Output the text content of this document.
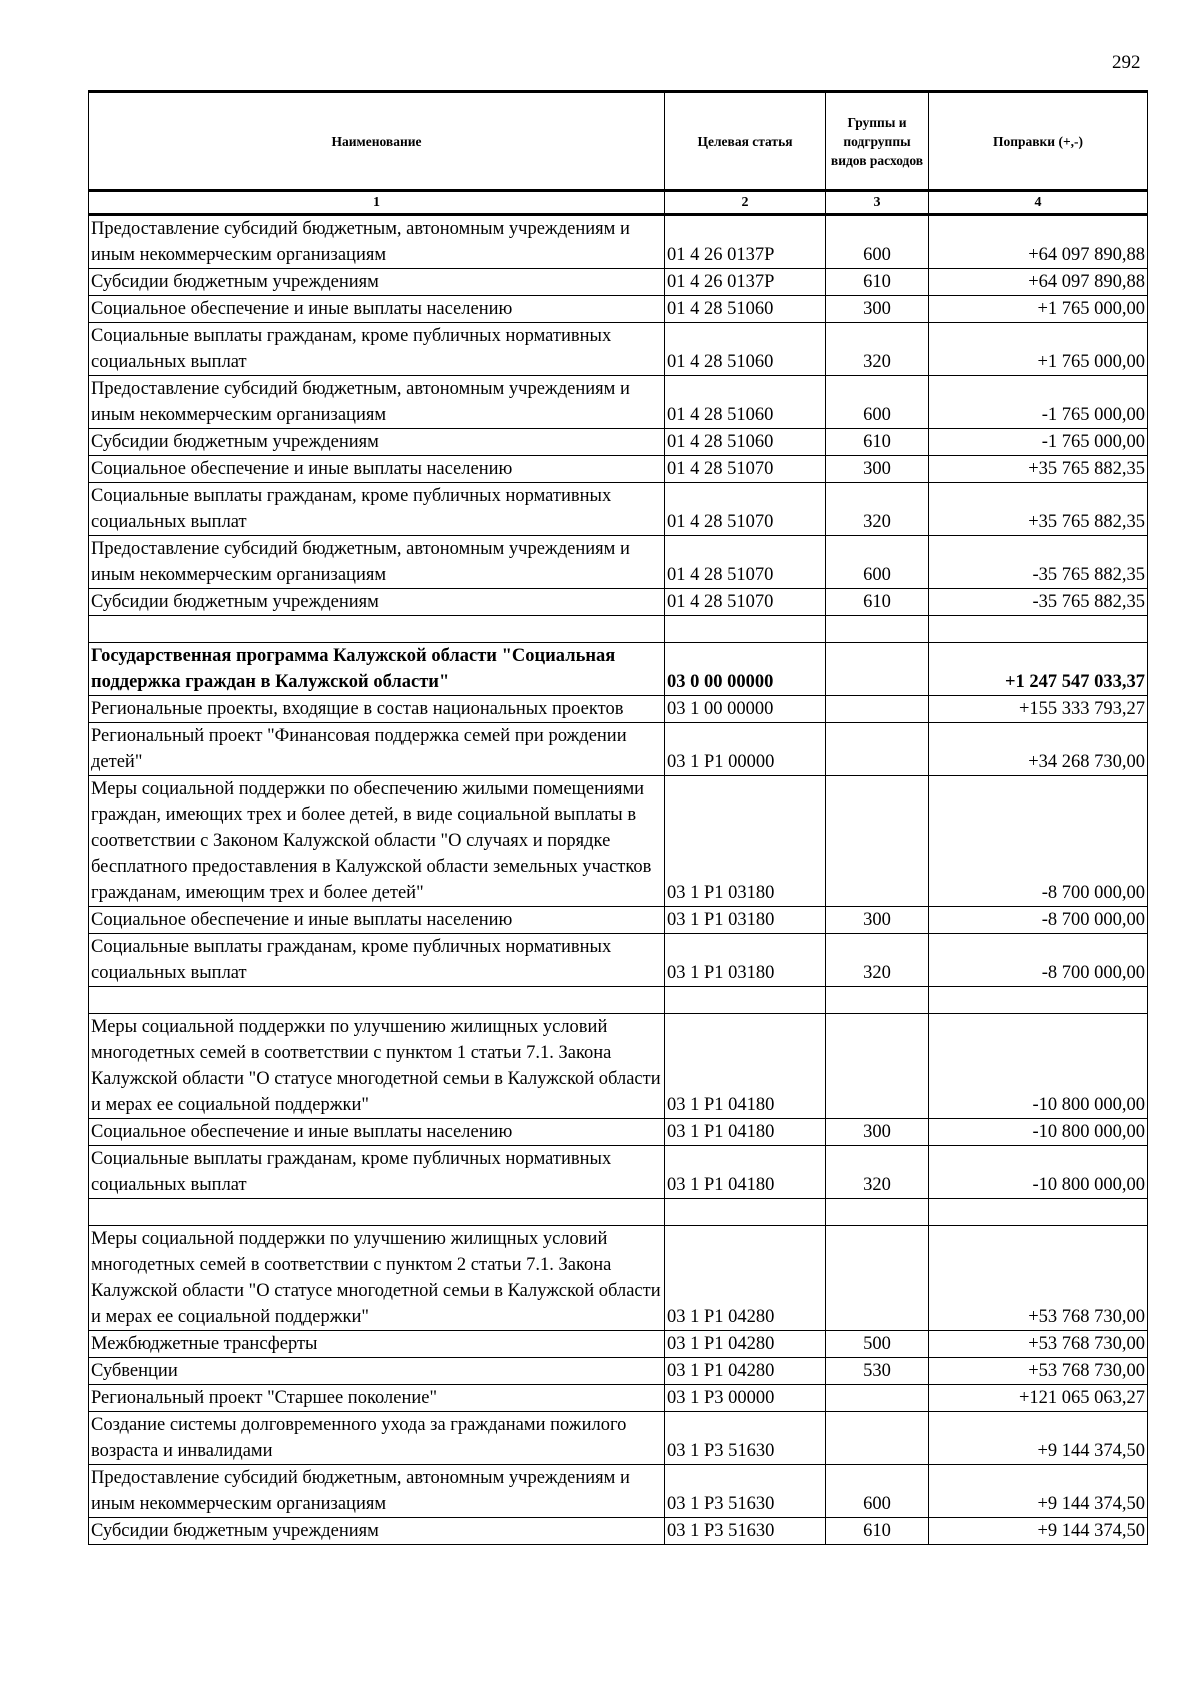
292
Наименование	Целевая статья	Группы и подгруппы видов расходов	Поправки (+,-)
1	2	3	4
Предоставление субсидий бюджетным, автономным учреждениям и иным некоммерческим организациям	01 4 26 0137Р	600	+64 097 890,88
Субсидии бюджетным учреждениям	01 4 26 0137Р	610	+64 097 890,88
Социальное обеспечение и иные выплаты населению	01 4 28 51060	300	+1 765 000,00
Социальные выплаты гражданам, кроме публичных нормативных социальных выплат	01 4 28 51060	320	+1 765 000,00
Предоставление субсидий бюджетным, автономным учреждениям и иным некоммерческим организациям	01 4 28 51060	600	-1 765 000,00
Субсидии бюджетным учреждениям	01 4 28 51060	610	-1 765 000,00
Социальное обеспечение и иные выплаты населению	01 4 28 51070	300	+35 765 882,35
Социальные выплаты гражданам, кроме публичных нормативных социальных выплат	01 4 28 51070	320	+35 765 882,35
Предоставление субсидий бюджетным, автономным учреждениям и иным некоммерческим организациям	01 4 28 51070	600	-35 765 882,35
Субсидии бюджетным учреждениям	01 4 28 51070	610	-35 765 882,35

Государственная программа Калужской области "Социальная поддержка граждан в Калужской области"	03 0 00 00000		+1 247 547 033,37
Региональные проекты, входящие в состав национальных проектов	03 1 00 00000		+155 333 793,27
Региональный проект "Финансовая поддержка семей при рождении детей"	03 1 Р1 00000		+34 268 730,00
Меры социальной поддержки по обеспечению жилыми помещениями граждан, имеющих трех и более детей, в виде социальной выплаты в соответствии с Законом Калужской области "О случаях и порядке бесплатного предоставления в Калужской области земельных участков гражданам, имеющим трех и более детей"	03 1 Р1 03180		-8 700 000,00
Социальное обеспечение и иные выплаты населению	03 1 Р1 03180	300	-8 700 000,00
Социальные выплаты гражданам, кроме публичных нормативных социальных выплат	03 1 Р1 03180	320	-8 700 000,00

Меры социальной поддержки по улучшению жилищных условий многодетных семей в соответствии с пунктом 1 статьи 7.1. Закона Калужской области "О статусе многодетной семьи в Калужской области и мерах ее социальной поддержки"	03 1 Р1 04180		-10 800 000,00
Социальное обеспечение и иные выплаты населению	03 1 Р1 04180	300	-10 800 000,00
Социальные выплаты гражданам, кроме публичных нормативных социальных выплат	03 1 Р1 04180	320	-10 800 000,00

Меры социальной поддержки по улучшению жилищных условий многодетных семей в соответствии с пунктом 2 статьи 7.1. Закона Калужской области "О статусе многодетной семьи в Калужской области и мерах ее социальной поддержки"	03 1 Р1 04280		+53 768 730,00
Межбюджетные трансферты	03 1 Р1 04280	500	+53 768 730,00
Субвенции	03 1 Р1 04280	530	+53 768 730,00
Региональный проект "Старшее поколение"	03 1 Р3 00000		+121 065 063,27
Создание системы долговременного ухода за гражданами пожилого возраста и инвалидами	03 1 Р3 51630		+9 144 374,50
Предоставление субсидий бюджетным, автономным учреждениям и иным некоммерческим организациям	03 1 Р3 51630	600	+9 144 374,50
Субсидии бюджетным учреждениям	03 1 Р3 51630	610	+9 144 374,50
